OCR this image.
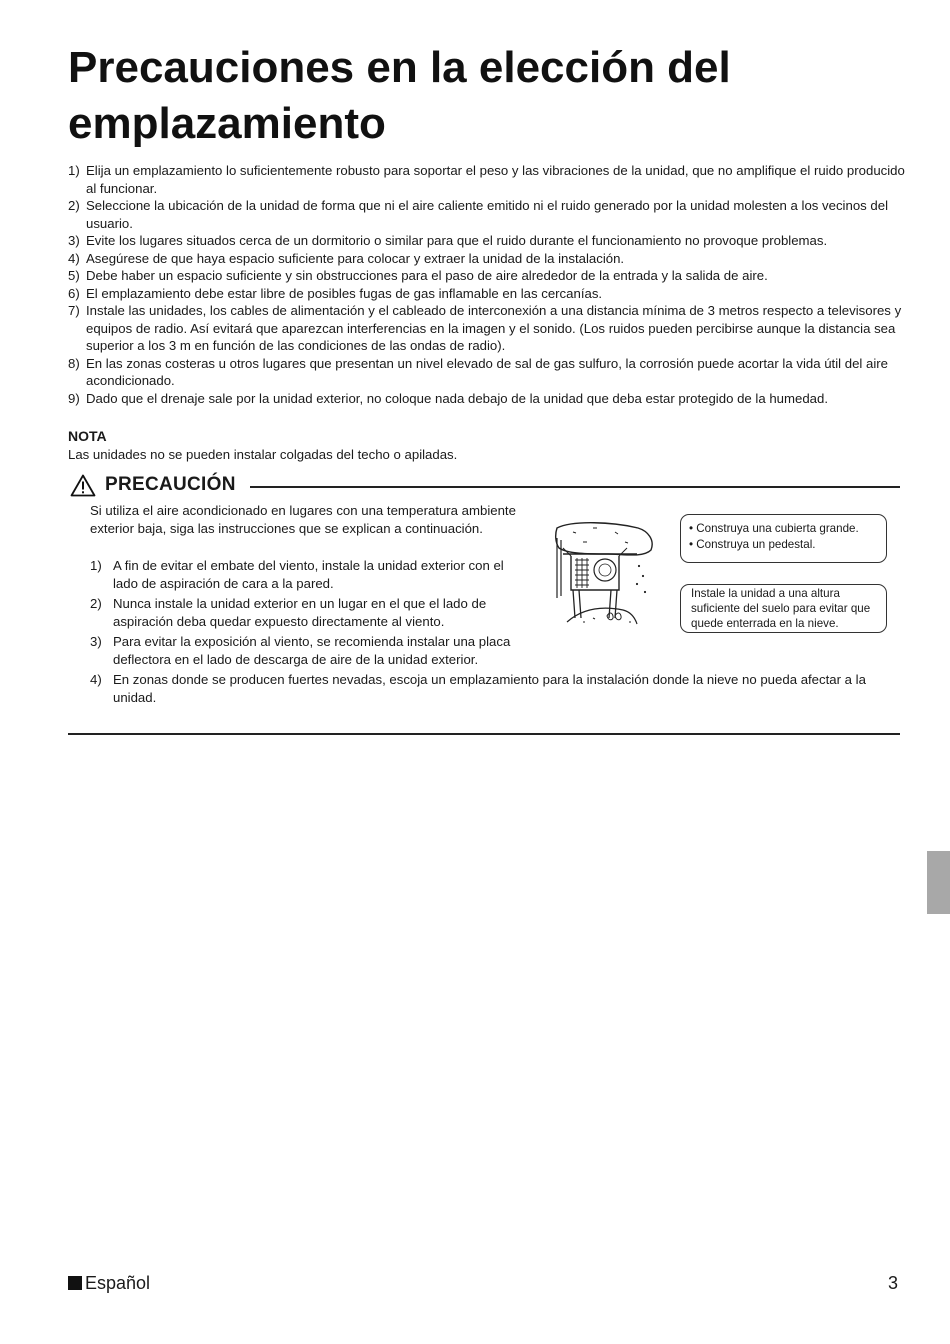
Precauciones en la elección del emplazamiento
1) Elija un emplazamiento lo suficientemente robusto para soportar el peso y las vibraciones de la unidad, que no amplifique el ruido producido al funcionar.
2) Seleccione la ubicación de la unidad de forma que ni el aire caliente emitido ni el ruido generado por la unidad molesten a los vecinos del usuario.
3) Evite los lugares situados cerca de un dormitorio o similar para que el ruido durante el funcionamiento no provoque problemas.
4) Asegúrese de que haya espacio suficiente para colocar y extraer la unidad de la instalación.
5) Debe haber un espacio suficiente y sin obstrucciones para el paso de aire alrededor de la entrada y la salida de aire.
6) El emplazamiento debe estar libre de posibles fugas de gas inflamable en las cercanías.
7) Instale las unidades, los cables de alimentación y el cableado de interconexión a una distancia mínima de 3 metros respecto a televisores y equipos de radio. Así evitará que aparezcan interferencias en la imagen y el sonido. (Los ruidos pueden percibirse aunque la distancia sea superior a los 3 m en función de las condiciones de las ondas de radio).
8) En las zonas costeras u otros lugares que presentan un nivel elevado de sal de gas sulfuro, la corrosión puede acortar la vida útil del aire acondicionado.
9) Dado que el drenaje sale por la unidad exterior, no coloque nada debajo de la unidad que deba estar protegido de la humedad.

NOTA

Las unidades no se pueden instalar colgadas del techo o apiladas.

PRECAUCIÓN

Si utiliza el aire acondicionado en lugares con una temperatura ambiente exterior baja, siga las instrucciones que se explican a continuación.

1) A fin de evitar el embate del viento, instale la unidad exterior con el lado de aspiración de cara a la pared.
2) Nunca instale la unidad exterior en un lugar en el que el lado de aspiración deba quedar expuesto directamente al viento.
3) Para evitar la exposición al viento, se recomienda instalar una placa deflectora en el lado de descarga de aire de la unidad exterior.
4) En zonas donde se producen fuertes nevadas, escoja un emplazamiento para la instalación donde la nieve no pueda afectar a la unidad.

• Construya una cubierta grande.

• Construya un pedestal.

Instale la unidad a una altura suficiente del suelo para evitar que quede enterrada en la nieve.

Español	3
